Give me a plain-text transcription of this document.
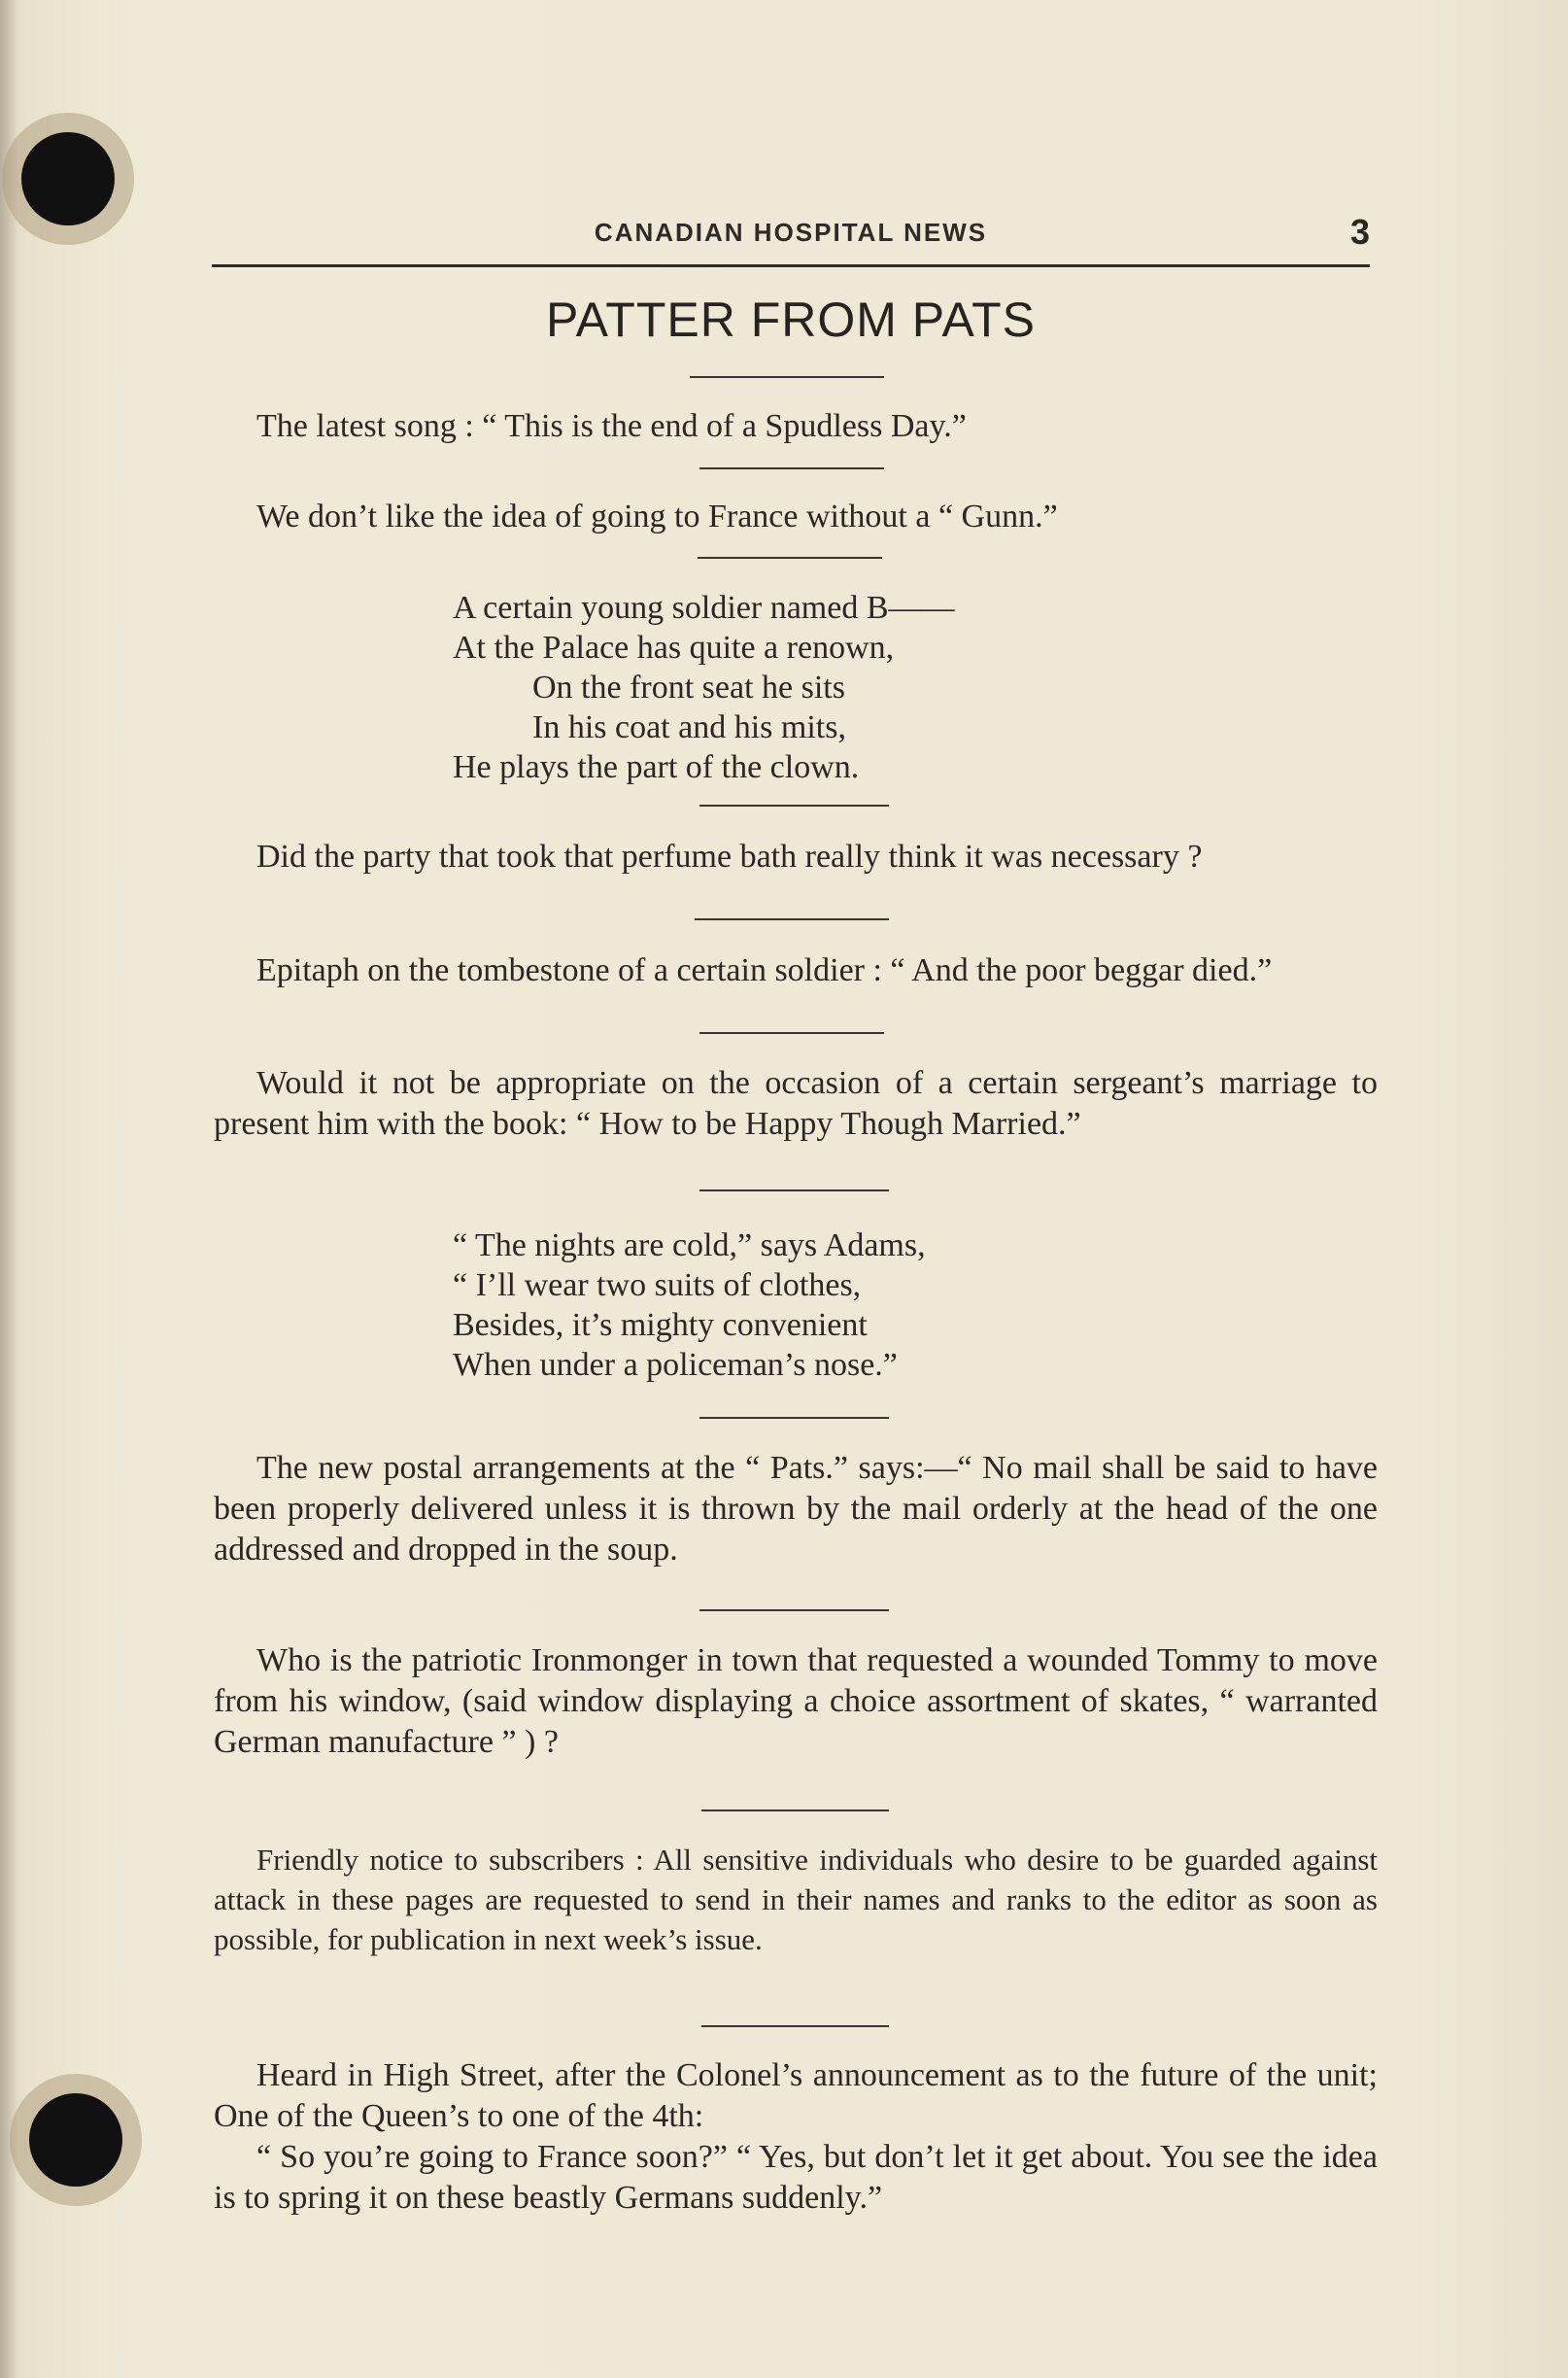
CANADIAN HOSPITAL NEWS	3
PATTER FROM PATS
The latest song : “ This is the end of a Spudless Day.”
We don’t like the idea of going to France without a “ Gunn.”
A certain young soldier named B——
At the Palace has quite a renown,
On the front seat he sits
In his coat and his mits,
He plays the part of the clown.
Did the party that took that perfume bath really think it was necessary ?
Epitaph on the tombestone of a certain soldier : “ And the poor beggar died.”
Would it not be appropriate on the occasion of a certain sergeant’s marriage to present him with the book: “ How to be Happy Though Married.”
“ The nights are cold,” says Adams,
“ I’ll wear two suits of clothes,
Besides, it’s mighty convenient
When under a policeman’s nose.”
The new postal arrangements at the “ Pats.” says:—“ No mail shall be said to have been properly delivered unless it is thrown by the mail orderly at the head of the one addressed and dropped in the soup.
Who is the patriotic Ironmonger in town that requested a wounded Tommy to move from his window, (said window displaying a choice assortment of skates, “ warranted German manufacture ” ) ?
Friendly notice to subscribers : All sensitive individuals who desire to be guarded against attack in these pages are requested to send in their names and ranks to the editor as soon as possible, for publication in next week’s issue.
Heard in High Street, after the Colonel’s announcement as to the future of the unit; One of the Queen’s to one of the 4th:
“ So you’re going to France soon?” “ Yes, but don’t let it get about. You see the idea is to spring it on these beastly Germans suddenly.”
